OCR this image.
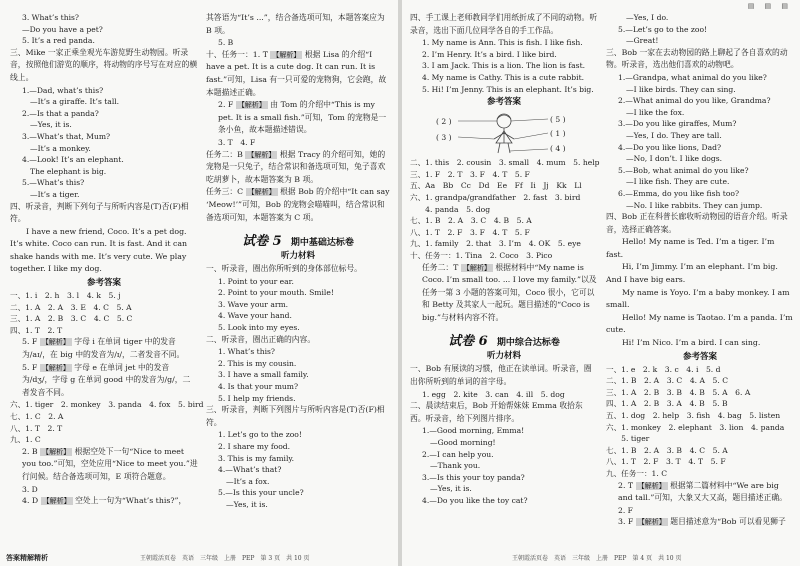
3. What’s this?
—Do you have a pet?
5. It’s a red panda.
三、Mike 一家正乘坐观光车游览野生动物园。听录音，按照他们游览的顺序，将动物的序号写在对应的横线上。
1.—Dad, what’s this?
—It’s a giraffe. It’s tall.
2.—Is that a panda?
—Yes, it is.
3.—What’s that, Mum?
—It’s a monkey.
4.—Look! It’s an elephant.
The elephant is big.
5.—What’s this?
—It’s a tiger.
四、听录音，判断下列句子与所听内容是(T)否(F)相符。
I have a new friend, Coco. It’s a pet dog. It’s white. Coco can run. It is fast. And it can shake hands with me. It’s very cute. We play together. I like my dog.
参考答案
一、1. i　2. h　3. l　4. k　5. j
二、1. A　2. A　3. E　4. C　5. A
三、1. A　2. B　3. C　4. C　5. C
四、1. T　2. T
5. F 【解析】 字母 i 在单词 tiger 中的发音为/aɪ/，在 big 中的发音为/ɪ/，二者发音不同。
5. F 【解析】 字母 e 在单词 jet 中的发音为/dʒ/，字母 g 在单词 good 中的发音为/g/，二者发音不同。
六、1. tiger　2. monkey　3. panda　4. fox　5. bird
七、1. C　2. A
八、1. T　2. T
九、1. C
2. B 【解析】 根据空处下一句“Nice to meet you too.”可知，空处应用“Nice to meet you.”进行问候。结合备选项可知，E 项符合题意。
3. D
4. D 【解析】 空处上一句为“What’s this?”，
其答语为“It’s ...”，结合备选项可知，本题答案应为 B 项。
5. B
十、任务一：1. T 【解析】 根据 Lisa 的介绍“I have a pet. It is a cute dog. It can run. It is fast.”可知，Lisa 有一只可爱的宠物狗，它会跑，故本题描述正确。
2. F 【解析】 由 Tom 的介绍中“This is my pet. It is a small fish.”可知，Tom 的宠物是一条小鱼，故本题描述错误。
3. T　4. F
任务二：B 【解析】 根据 Tracy 的介绍可知，她的宠物是一只兔子，结合常识和备选项可知，兔子喜欢吃胡萝卜，故本题答案为 B 项。
任务三：C 【解析】 根据 Bob 的介绍中“It can say ‘Meow!’”可知，Bob 的宠物会喵喵叫，结合常识和备选项可知，本题答案为 C 项。
试卷 5 期中基础达标卷
听力材料
一、听录音，圈出你所听到的身体部位标号。
1. Point to your ear.
2. Point to your mouth. Smile!
3. Wave your arm.
4. Wave your hand.
5. Look into my eyes.
二、听录音，圈出正确的内容。
1. What’s this?
2. This is my cousin.
3. I have a small family.
4. Is that your mum?
5. I help my friends.
三、听录音，判断下列图片与所听内容是(T)否(F)相符。
1. Let’s go to the zoo!
2. I share my food.
3. This is my family.
4.—What’s that?
—It’s a fox.
5.—Is this your uncle?
—Yes, it is.
答案精解精析	王朝霞活页卷　英语　三年级　上册　PEP　第 3 页　共 10 页
▤ ▤ ▤
四、手工课上老师教同学们用纸折成了不同的动物。听录音，选出下面几位同学各自的手工作品。
1. My name is Ann. This is fish. I like fish.
2. I’m Henry. It’s a bird. I like bird.
3. I am Jack. This is a lion. The lion is fast.
4. My name is Cathy. This is a cute rabbit.
5. Hi! I’m Jenny. This is an elephant. It’s big.
参考答案
( 2 )
( 3 )
( 5 )
( 1 )
( 4 )
二、1. this　2. cousin　3. small　4. mum　5. help
三、1. F　2. T　3. F　4. T　5. F
五、Aa　Bb　Cc　Dd　Ee　Ff　Ii　Jj　Kk　Ll
六、1. grandpa/grandfather　2. fast　3. bird
　　4. panda　5. dog
七、1. B　2. A　3. C　4. B　5. A
八、1. T　2. F　3. F　4. T　5. F
九、1. family　2. that　3. I’m　4. OK　5. eye
十、任务一：1. Tina　2. Coco　3. Pico
任务二：T 【解析】 根据材料中“My name is Coco. I’m small too. ... I love my family.”以及任务一第 3 小题的答案可知，Coco 很小，它可以和 Betty 及其家人一起玩。题目描述的“Coco is big.”与材料内容不符。
试卷 6 期中综合达标卷
听力材料
一、Bob 有展读的习惯，他正在读单词。听录音，圈出你所听到的单词的首字母。
1. egg　2. kite　3. can　4. ill　5. dog
二、晨读结束后，Bob 开始帮妹妹 Emma 收拾东西。听录音，给下列图片排序。
1.—Good morning, Emma!
—Good morning!
2.—I can help you.
—Thank you.
3.—Is this your toy panda?
—Yes, it is.
4.—Do you like the toy cat?
—Yes, I do.
5.—Let’s go to the zoo!
—Great!
三、Bob 一家在去动物园的路上聊起了各自喜欢的动物。听录音，选出他们喜欢的动物吧。
1.—Grandpa, what animal do you like?
—I like birds. They can sing.
2.—What animal do you like, Grandma?
—I like the fox.
3.—Do you like giraffes, Mum?
—Yes, I do. They are tall.
4.—Do you like lions, Dad?
—No, I don’t. I like dogs.
5.—Bob, what animal do you like?
—I like fish. They are cute.
6.—Emma, do you like fish too?
—No. I like rabbits. They can jump.
四、Bob 正在科普长廊收听动物园的语音介绍。听录音，选择正确答案。
Hello! My name is Ted. I’m a tiger. I’m fast.
Hi, I’m Jimmy. I’m an elephant. I’m big. And I have big ears.
My name is Yoyo. I’m a baby monkey. I am small.
Hello! My name is Taotao. I’m a panda. I’m cute.
Hi! I’m Nico. I’m a bird. I can sing.
参考答案
一、1. e　2. k　3. c　4. i　5. d
二、1. B　2. A　3. C　4. A　5. C
三、1. A　2. B　3. B　4. B　5. A　6. A
四、1. A　2. B　3. A　4. B　5. B
五、1. dog　2. help　3. fish　4. bag　5. listen
六、1. monkey　2. elephant　3. lion　4. panda
　　5. tiger
七、1. B　2. A　3. B　4. C　5. A
八、1. T　2. F　3. T　4. T　5. F
九、任务一：1. C
2. T 【解析】 根据第二篇材料中“We are big and tall.”可知，大象又大又高，题目描述正确。
2. F
3. F 【解析】 题目描述意为“Bob 可以看见狮子
王朝霞活页卷　英语　三年级　上册　PEP　第 4 页　共 10 页
